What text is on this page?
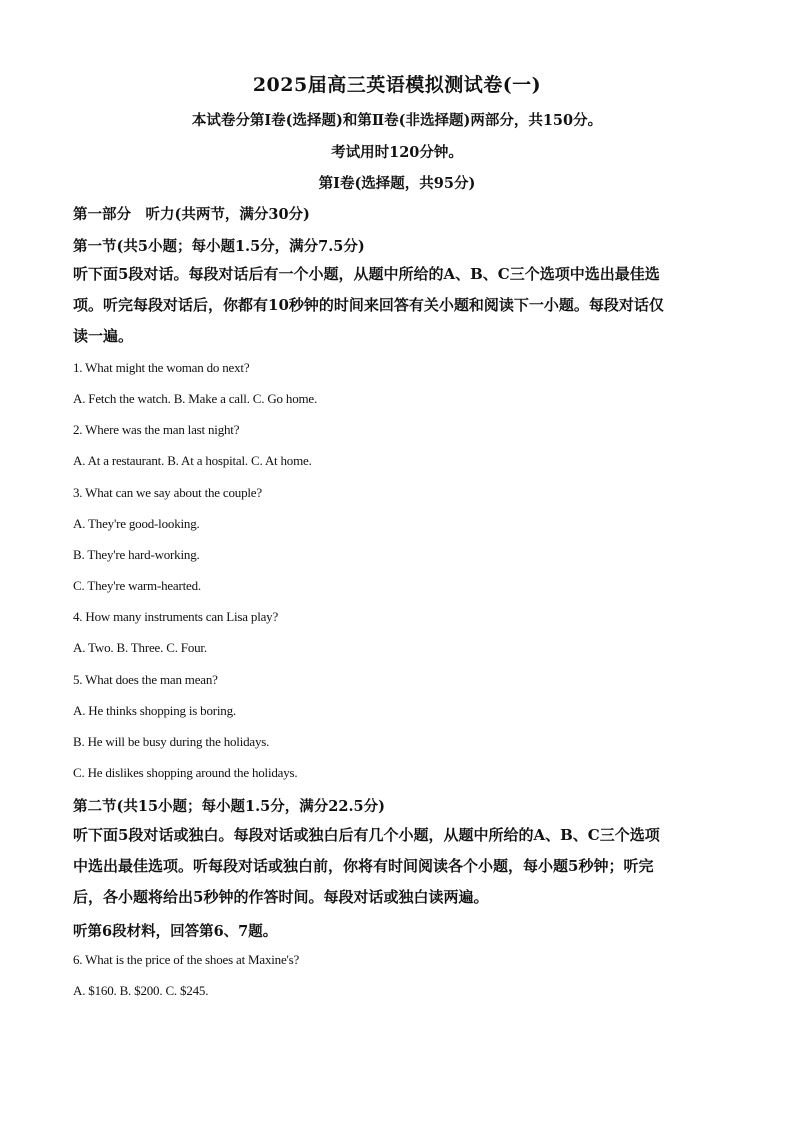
2025届高三英语模拟测试卷(一)
本试卷分第Ⅰ卷(选择题)和第Ⅱ卷(非选择题)两部分，共150分。
考试用时120分钟。
第Ⅰ卷(选择题，共95分)
第一部分　听力(共两节，满分30分)
第一节(共5小题；每小题1.5分，满分7.5分)
听下面5段对话。每段对话后有一个小题，从题中所给的A、B、C三个选项中选出最佳选
项。听完每段对话后，你都有10秒钟的时间来回答有关小题和阅读下一小题。每段对话仅
读一遍。
1. What might the woman do next?
A. Fetch the watch. B. Make a call. C. Go home.
2. Where was the man last night?
A. At a restaurant. B. At a hospital. C. At home.
3. What can we say about the couple?
A. They're good-looking.
B. They're hard-working.
C. They're warm-hearted.
4. How many instruments can Lisa play?
A. Two. B. Three. C. Four.
5. What does the man mean?
A. He thinks shopping is boring.
B. He will be busy during the holidays.
C. He dislikes shopping around the holidays.
第二节(共15小题；每小题1.5分，满分22.5分)
听下面5段对话或独白。每段对话或独白后有几个小题，从题中所给的A、B、C三个选项
中选出最佳选项。听每段对话或独白前，你将有时间阅读各个小题，每小题5秒钟；听完
后，各小题将给出5秒钟的作答时间。每段对话或独白读两遍。
听第6段材料，回答第6、7题。
6. What is the price of the shoes at Maxine's?
A. $160. B. $200. C. $245.
